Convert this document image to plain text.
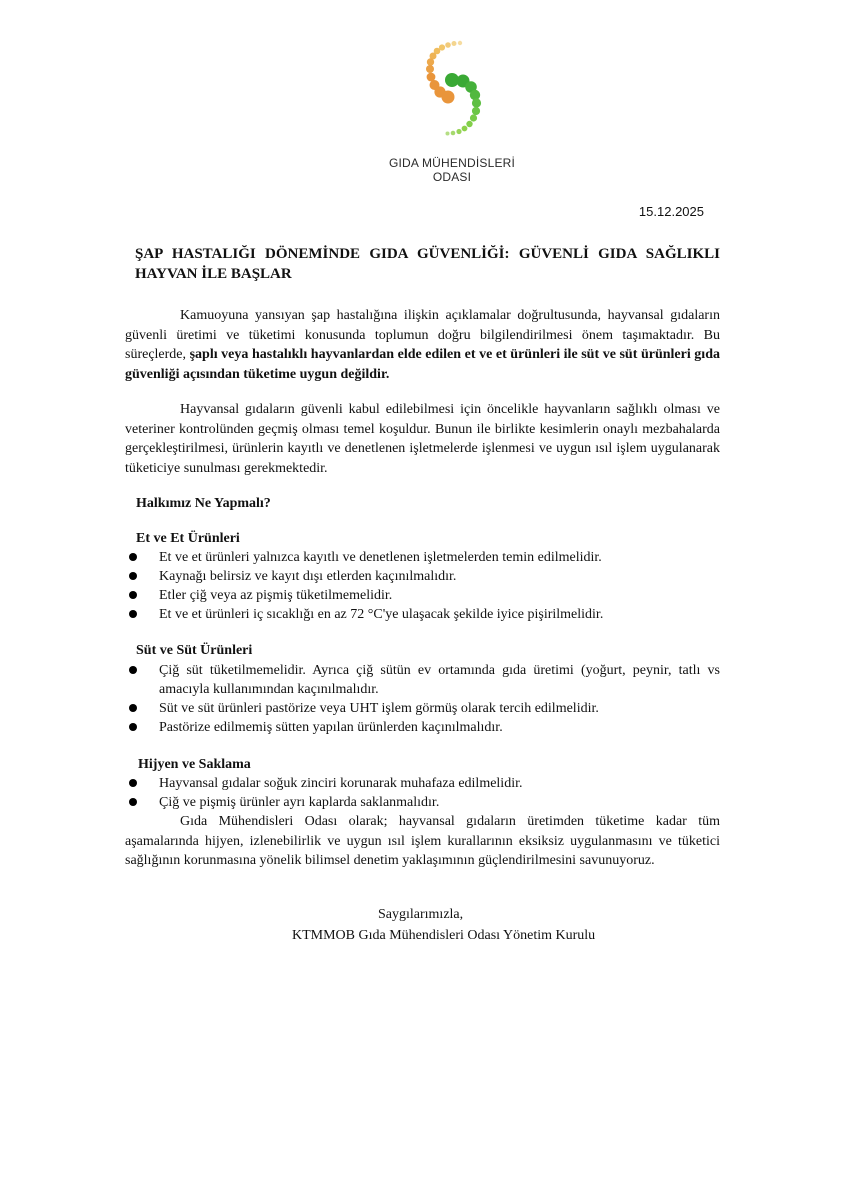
GIDA MÜHENDİSLERİ
ODASI
15.12.2025
ŞAP HASTALIĞI DÖNEMİNDE GIDA GÜVENLİĞİ: GÜVENLİ GIDA SAĞLIKLI HAYVAN İLE BAŞLAR

Kamuoyuna yansıyan şap hastalığına ilişkin açıklamalar doğrultusunda, hayvansal gıdaların güvenli üretimi ve tüketimi konusunda toplumun doğru bilgilendirilmesi önem taşımaktadır. Bu süreçlerde, şaplı veya hastalıklı hayvanlardan elde edilen et ve et ürünleri ile süt ve süt ürünleri gıda güvenliği açısından tüketime uygun değildir.

Hayvansal gıdaların güvenli kabul edilebilmesi için öncelikle hayvanların sağlıklı olması ve veteriner kontrolünden geçmiş olması temel koşuldur. Bunun ile birlikte kesimlerin onaylı mezbahalarda gerçekleştirilmesi, ürünlerin kayıtlı ve denetlenen işletmelerde işlenmesi ve uygun ısıl işlem uygulanarak tüketiciye sunulması gerekmektedir.

Halkımız Ne Yapmalı?
Et ve Et Ürünleri
Et ve et ürünleri yalnızca kayıtlı ve denetlenen işletmelerden temin edilmelidir.
Kaynağı belirsiz ve kayıt dışı etlerden kaçınılmalıdır.
Etler çiğ veya az pişmiş tüketilmemelidir.
Et ve et ürünleri iç sıcaklığı en az 72 °C'ye ulaşacak şekilde iyice pişirilmelidir.
Süt ve Süt Ürünleri
Çiğ süt tüketilmemelidir. Ayrıca çiğ sütün ev ortamında gıda üretimi (yoğurt, peynir, tatlı vs amacıyla kullanımından kaçınılmalıdır.
Süt ve süt ürünleri pastörize veya UHT işlem görmüş olarak tercih edilmelidir.
Pastörize edilmemiş sütten yapılan ürünlerden kaçınılmalıdır.
Hijyen ve Saklama
Hayvansal gıdalar soğuk zinciri korunarak muhafaza edilmelidir.
Çiğ ve pişmiş ürünler ayrı kaplarda saklanmalıdır.

Gıda Mühendisleri Odası olarak; hayvansal gıdaların üretimden tüketime kadar tüm aşamalarında hijyen, izlenebilirlik ve uygun ısıl işlem kurallarının eksiksiz uygulanmasını ve tüketici sağlığının korunmasına yönelik bilimsel denetim yaklaşımının güçlendirilmesini savunuyoruz.

Saygılarımızla,
KTMMOB Gıda Mühendisleri Odası Yönetim Kurulu
